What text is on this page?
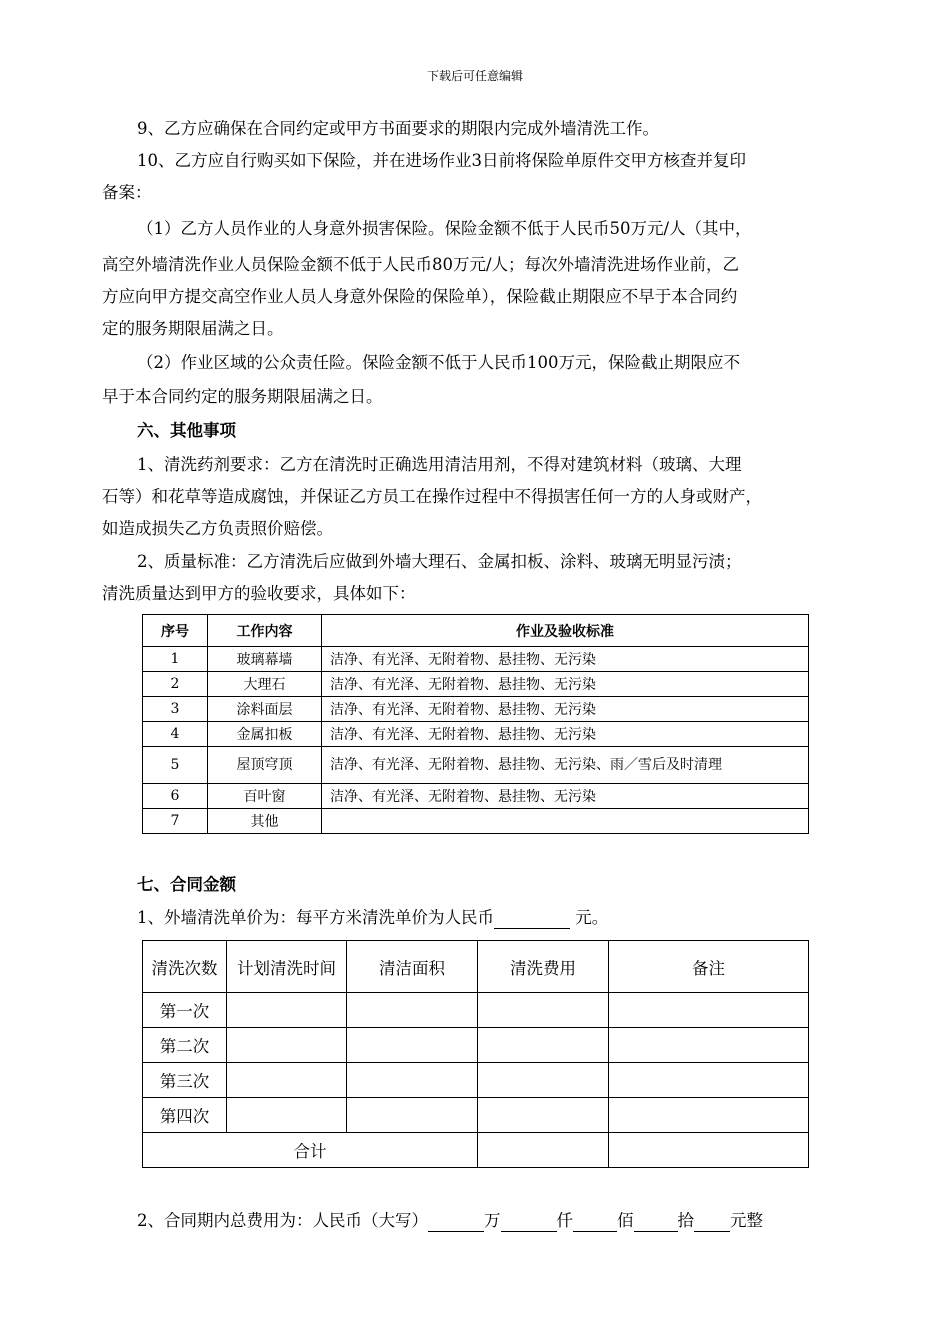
下载后可任意编辑
9、乙方应确保在合同约定或甲方书面要求的期限内完成外墙清洗工作。
10、乙方应自行购买如下保险，并在进场作业3日前将保险单原件交甲方核查并复印
备案：
（1）乙方人员作业的人身意外损害保险。保险金额不低于人民币50万元/人（其中，
高空外墙清洗作业人员保险金额不低于人民币80万元/人；每次外墙清洗进场作业前，乙
方应向甲方提交高空作业人员人身意外保险的保险单），保险截止期限应不早于本合同约
定的服务期限届满之日。
（2）作业区域的公众责任险。保险金额不低于人民币100万元，保险截止期限应不
早于本合同约定的服务期限届满之日。
六、其他事项
1、清洗药剂要求：乙方在清洗时正确选用清洁用剂，不得对建筑材料（玻璃、大理
石等）和花草等造成腐蚀，并保证乙方员工在操作过程中不得损害任何一方的人身或财产，
如造成损失乙方负责照价赔偿。
2、质量标准：乙方清洗后应做到外墙大理石、金属扣板、涂料、玻璃无明显污渍；
清洗质量达到甲方的验收要求，具体如下：
序号	工作内容	作业及验收标准
1	玻璃幕墙	洁净、有光泽、无附着物、悬挂物、无污染
2	大理石	洁净、有光泽、无附着物、悬挂物、无污染
3	涂料面层	洁净、有光泽、无附着物、悬挂物、无污染
4	金属扣板	洁净、有光泽、无附着物、悬挂物、无污染
5	屋顶穹顶	洁净、有光泽、无附着物、悬挂物、无污染、雨／雪后及时清理
6	百叶窗	洁净、有光泽、无附着物、悬挂物、无污染
7	其他	
七、合同金额
1、外墙清洗单价为：每平方米清洗单价为人民币	元。
清洗次数	计划清洗时间	清洁面积	清洗费用	备注
第一次				
第二次				
第三次				
第四次				
合计				
2、合同期内总费用为：人民币（大写）	万	仟	佰	拾 元整
